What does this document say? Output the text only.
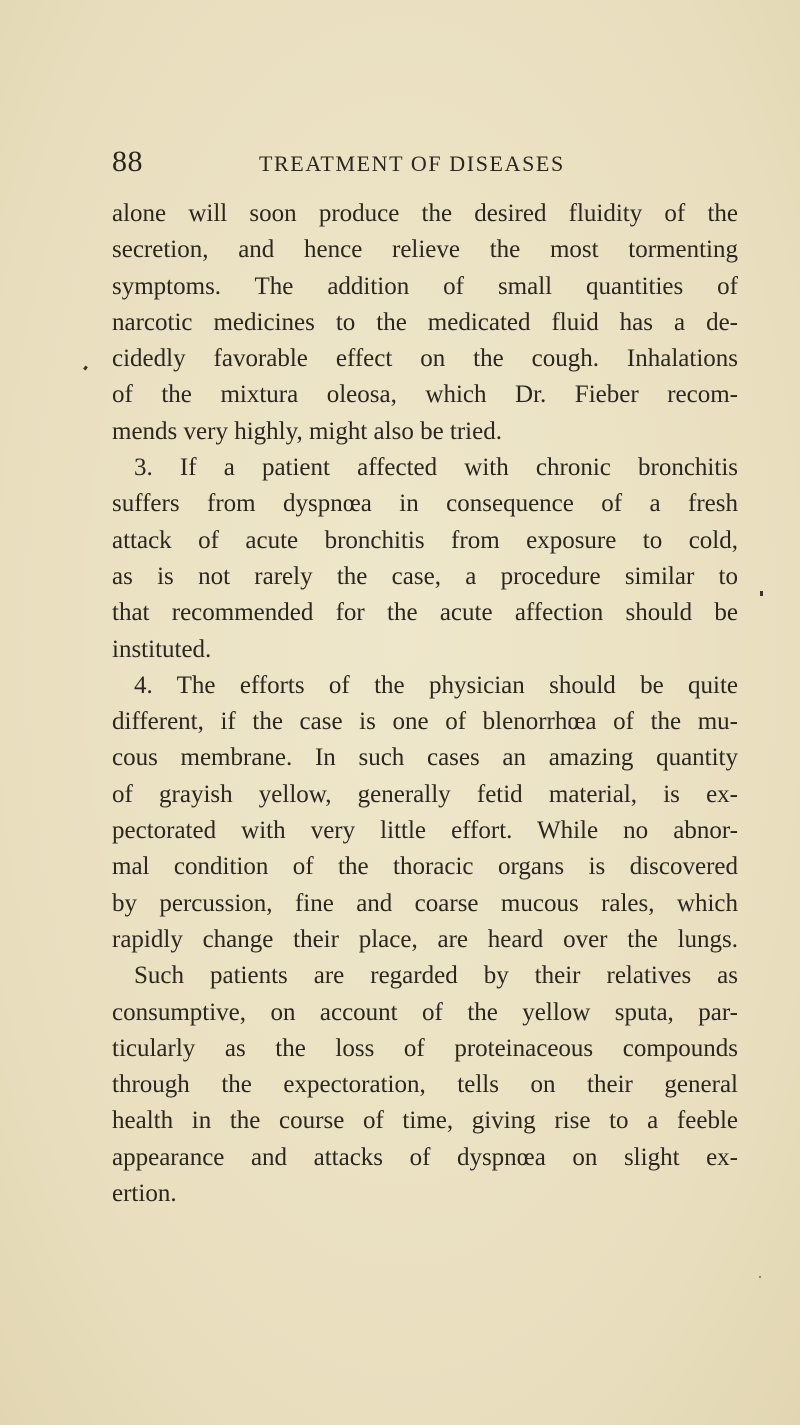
88	TREATMENT OF DISEASES
alone will soon produce the desired fluidity of the
secretion, and hence relieve the most tormenting
symptoms. The addition of small quantities of
narcotic medicines to the medicated fluid has a de-
cidedly favorable effect on the cough. Inhalations
of the mixtura oleosa, which Dr. Fieber recom-
mends very highly, might also be tried.
3. If a patient affected with chronic bronchitis
suffers from dyspnœa in consequence of a fresh
attack of acute bronchitis from exposure to cold,
as is not rarely the case, a procedure similar to
that recommended for the acute affection should be
instituted.
4. The efforts of the physician should be quite
different, if the case is one of blenorrhœa of the mu-
cous membrane. In such cases an amazing quantity
of grayish yellow, generally fetid material, is ex-
pectorated with very little effort. While no abnor-
mal condition of the thoracic organs is discovered
by percussion, fine and coarse mucous rales, which
rapidly change their place, are heard over the lungs.
Such patients are regarded by their relatives as
consumptive, on account of the yellow sputa, par-
ticularly as the loss of proteinaceous compounds
through the expectoration, tells on their general
health in the course of time, giving rise to a feeble
appearance and attacks of dyspnœa on slight ex-
ertion.
